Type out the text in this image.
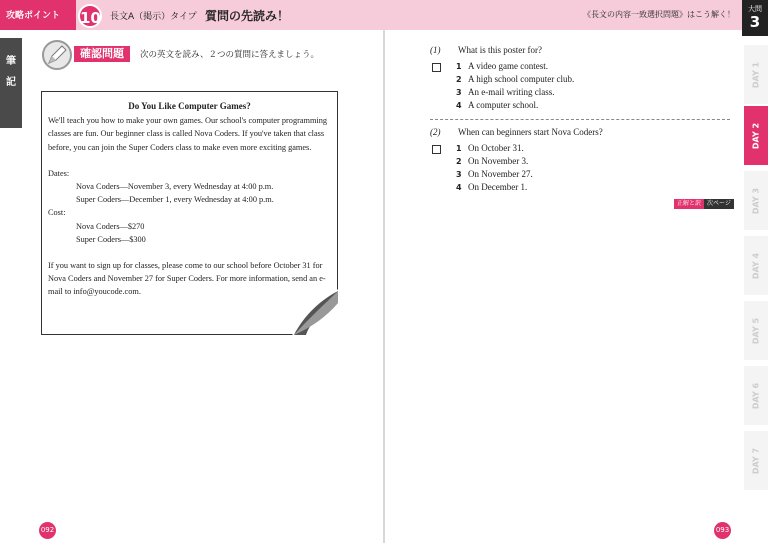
攻略ポイント 10 長文A（掲示）タイプ 質問の先読み！	《長文の内容一致選択問題》はこう解く！
大問
3
筆
記
確認問題	次の英文を読み、２つの質問に答えましょう。
Do You Like Computer Games?

We'll teach you how to make your own games. Our school's computer programming classes are fun. Our beginner class is called Nova Coders. If you've taken that class before, you can join the Super Coders class to make even more exciting games.

Dates:
Nova Coders—November 3, every Wednesday at 4:00 p.m.
Super Coders—December 1, every Wednesday at 4:00 p.m.
Cost:
Nova Coders—$270
Super Coders—$300

If you want to sign up for classes, please come to our school before October 31 for Nova Coders and November 27 for Super Coders. For more information, send an e-mail to info@youcode.com.

092	093
(1) What is this poster for?
1 A video game contest.
2 A high school computer club.
3 An e-mail writing class.
4 A computer school.
(2) When can beginners start Nova Coders?
1 On October 31.
2 On November 3.
3 On November 27.
4 On December 1.
正解と訳 次ページ
DAY 1
DAY 2
DAY 3
DAY 4
DAY 5
DAY 6
DAY 7
